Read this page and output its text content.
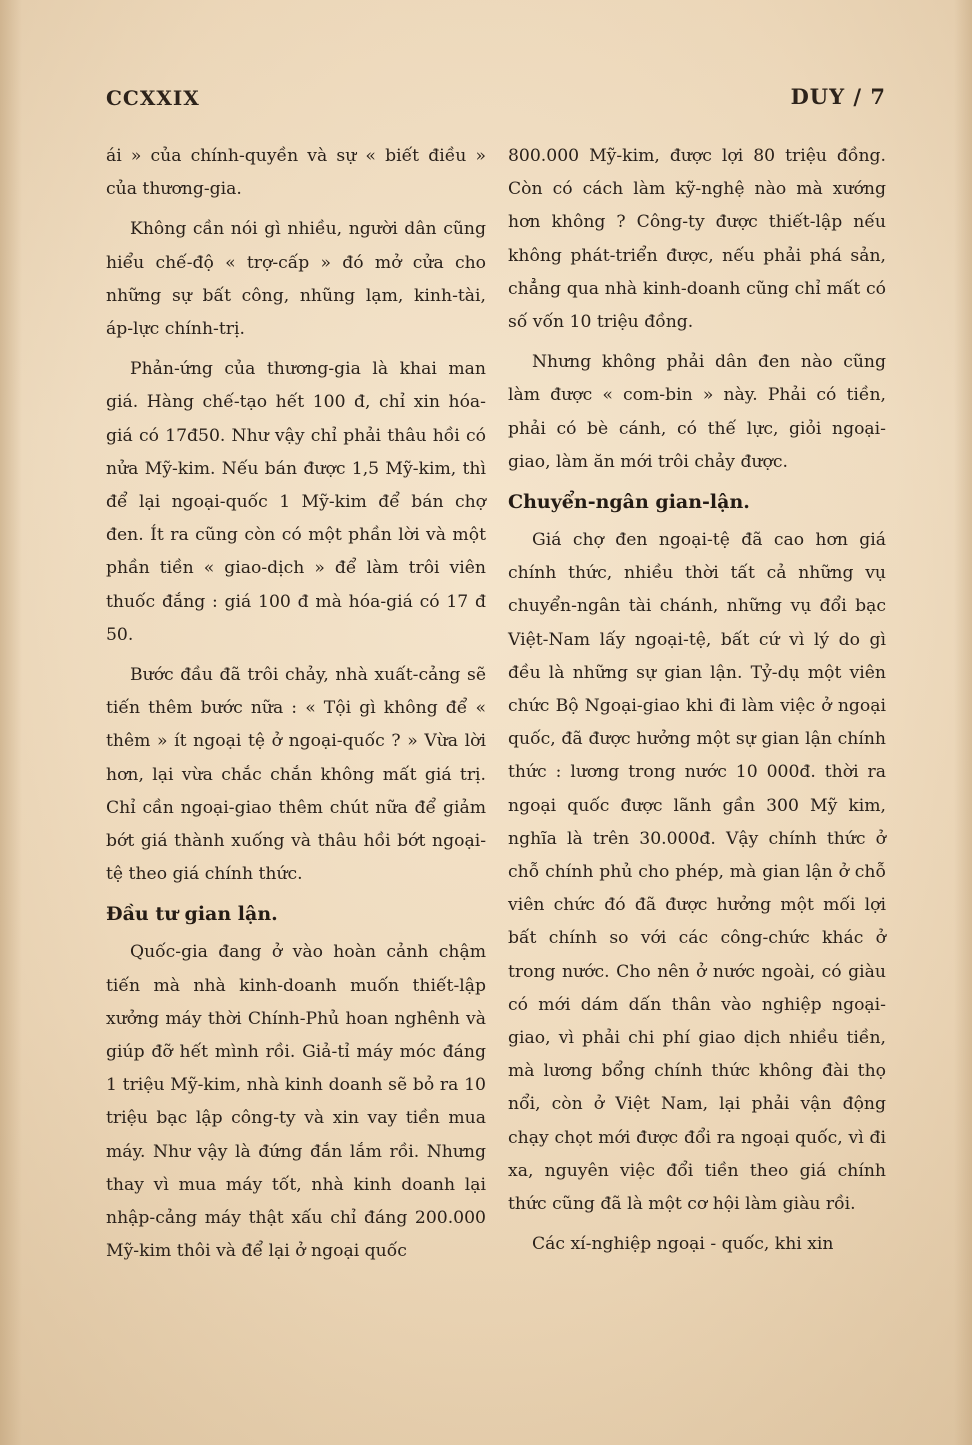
CCXXIX	DUY / 7

ái » của chính-quyền và sự « biết điều » của thương-gia.

Không cần nói gì nhiều, người dân cũng hiểu chế-độ « trợ-cấp » đó mở cửa cho những sự bất công, nhũng lạm, kinh-tài, áp-lực chính-trị.

Phản-ứng của thương-gia là khai man giá. Hàng chế-tạo hết 100 đ, chỉ xin hóa-giá có 17đ50. Như vậy chỉ phải thâu hồi có nửa Mỹ-kim. Nếu bán được 1,5 Mỹ-kim, thì để lại ngoại-quốc 1 Mỹ-kim để bán chợ đen. Ít ra cũng còn có một phần lời và một phần tiền « giao-dịch » để làm trôi viên thuốc đắng : giá 100 đ mà hóa-giá có 17 đ 50.

Bước đầu đã trôi chảy, nhà xuất-cảng sẽ tiến thêm bước nữa : « Tội gì không để « thêm » ít ngoại tệ ở ngoại-quốc ? » Vừa lời hơn, lại vừa chắc chắn không mất giá trị. Chỉ cần ngoại-giao thêm chút nữa để giảm bớt giá thành xuống và thâu hồi bớt ngoại-tệ theo giá chính thức.

Đầu tư gian lận.

Quốc-gia đang ở vào hoàn cảnh chậm tiến mà nhà kinh-doanh muốn thiết-lập xưởng máy thời Chính-Phủ hoan nghênh và giúp đỡ hết mình rồi. Giả-tỉ máy móc đáng 1 triệu Mỹ-kim, nhà kinh doanh sẽ bỏ ra 10 triệu bạc lập công-ty và xin vay tiền mua máy. Như vậy là đứng đắn lắm rồi. Nhưng thay vì mua máy tốt, nhà kinh doanh lại nhập-cảng máy thật xấu chỉ đáng 200.000 Mỹ-kim thôi và để lại ở ngoại quốc

800.000 Mỹ-kim, được lợi 80 triệu đồng. Còn có cách làm kỹ-nghệ nào mà xướng hơn không ? Công-ty được thiết-lập nếu không phát-triển được, nếu phải phá sản, chẳng qua nhà kinh-doanh cũng chỉ mất có số vốn 10 triệu đồng.

Nhưng không phải dân đen nào cũng làm được « com-bin » này. Phải có tiền, phải có bè cánh, có thế lực, giỏi ngoại-giao, làm ăn mới trôi chảy được.

Chuyển-ngân gian-lận.

Giá chợ đen ngoại-tệ đã cao hơn giá chính thức, nhiều thời tất cả những vụ chuyển-ngân tài chánh, những vụ đổi bạc Việt-Nam lấy ngoại-tệ, bất cứ vì lý do gì đều là những sự gian lận. Tỷ-dụ một viên chức Bộ Ngoại-giao khi đi làm việc ở ngoại quốc, đã được hưởng một sự gian lận chính thức : lương trong nước 10 000đ. thời ra ngoại quốc được lãnh gần 300 Mỹ kim, nghĩa là trên 30.000đ. Vậy chính thức ở chỗ chính phủ cho phép, mà gian lận ở chỗ viên chức đó đã được hưởng một mối lợi bất chính so với các công-chức khác ở trong nước. Cho nên ở nước ngoài, có giàu có mới dám dấn thân vào nghiệp ngoại-giao, vì phải chi phí giao dịch nhiều tiền, mà lương bổng chính thức không đài thọ nổi, còn ở Việt Nam, lại phải vận động chạy chọt mới được đổi ra ngoại quốc, vì đi xa, nguyên việc đổi tiền theo giá chính thức cũng đã là một cơ hội làm giàu rồi.

Các xí-nghiệp ngoại - quốc, khi xin
